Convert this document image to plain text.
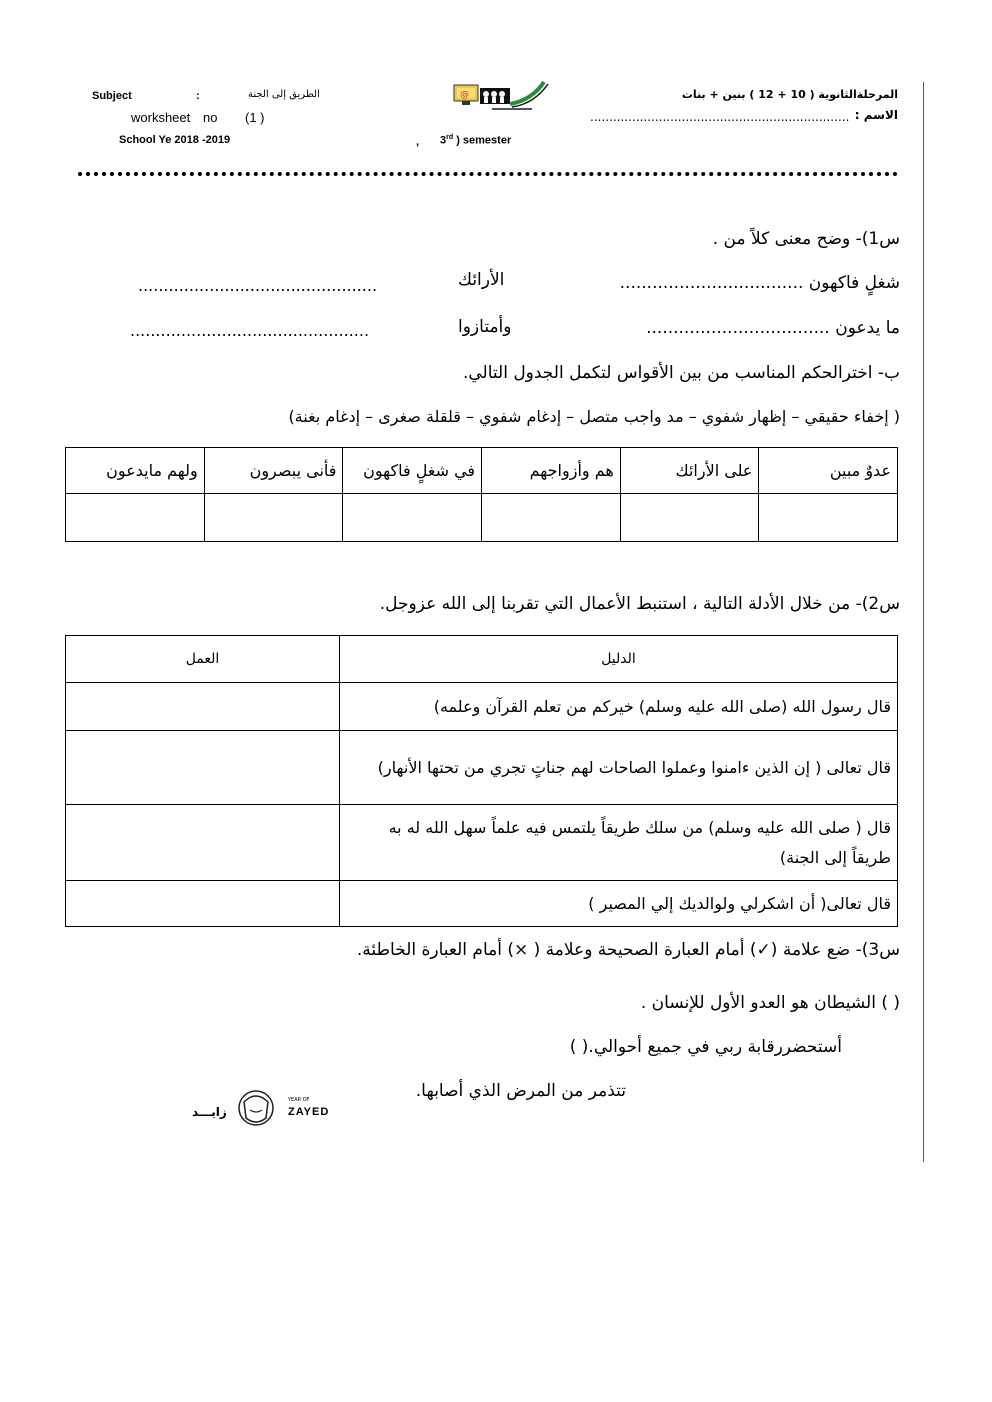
Subject	:	الطريق إلى الجنة
worksheet no (1 )
School Ye 2018 -2019	, 3rd ) semester
@	المرحلةالثانوية ( 10 + 12 ) بنين + بنات
الاسم :
....................................................................
س1)- وضح معنى كلاً من .
شغلٍ فاكهون ..................................
الأرائك
...............................................
ما يدعون ..................................
وأمتازوا
...............................................
ب- اخترالحكم المناسب من بين الأقواس لتكمل الجدول التالي.
( إخفاء حقيقي – إظهار شفوي – مد واجب متصل – إدغام شفوي – قلقلة صغرى – إدغام بغنة)
عدوٌ مبين	على الأرائك	هم وأزواجهم	في شغلٍ فاكهون	فأنى يبصرون	ولهم مايدعون

س2)- من خلال الأدلة التالية ، استنبط الأعمال التي تقربنا إلى الله عزوجل.
الدليل	العمل
قال رسول الله (صلى الله عليه وسلم) خيركم من تعلم القرآن وعلمه)	
قال تعالى ( إن الذين ءامنوا وعملوا الصاحات لهم جناتٍ تجري من تحتها الأنهار)	
قال ( صلى الله عليه وسلم) من سلك طريقاً يلتمس فيه علماً سهل الله له به طريقاً إلى الجنة)	
قال تعالى( أن اشكرلي ولوالديك إلي المصير )	
س3)- ضع علامة (✓) أمام العبارة الصحيحة وعلامة ( ×) أمام العبارة الخاطئة.
( ) الشيطان هو العدو الأول للإنسان .
أستحضررقابة ربي في جميع أحوالي.( )
تتذمر من المرض الذي أصابها.
زايـــد
YEAR OF
ZAYED
